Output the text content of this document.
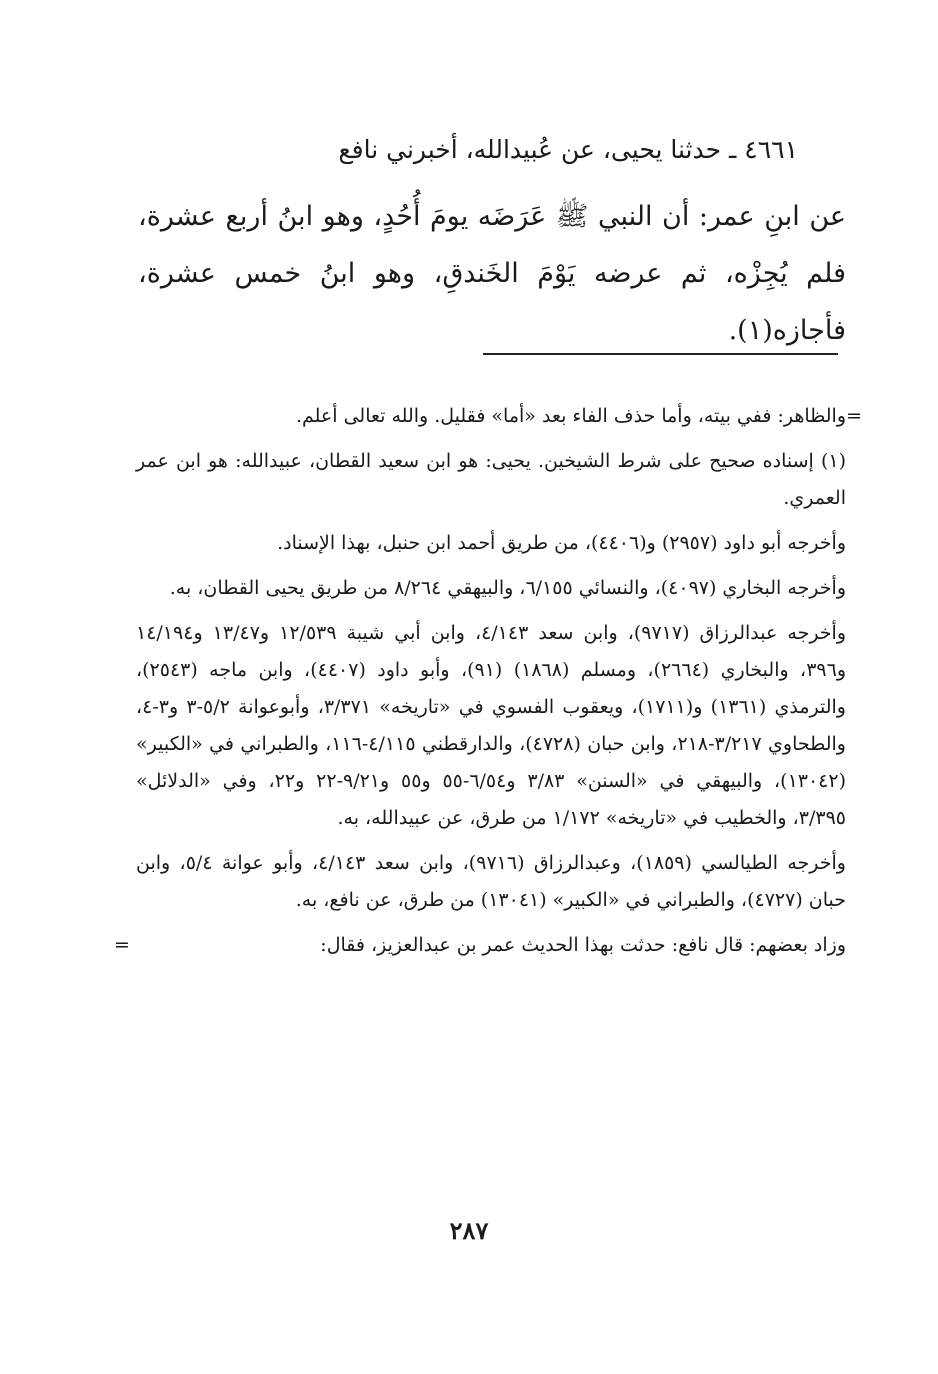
٤٦٦١ ـ حدثنا يحيى، عن عُبيدالله، أخبرني نافع
عن ابنِ عمر: أن النبي ﷺ عَرَضَه يومَ أُحُدٍ، وهو ابنُ أربع عشرة، فلم يُجِزْه، ثم عرضه يَوْمَ الخَندقِ، وهو ابنُ خمس عشرة، فأجازه(١).

=
والظاهر: ففي بيته، وأما حذف الفاء بعد «أما» فقليل. والله تعالى أعلم.

(١) إسناده صحيح على شرط الشيخين. يحيى: هو ابن سعيد القطان، عبيدالله: هو ابن عمر العمري.

وأخرجه أبو داود (٢٩٥٧) و(٤٤٠٦)، من طريق أحمد ابن حنبل، بهذا الإسناد.

وأخرجه البخاري (٤٠٩٧)، والنسائي ٦/١٥٥، والبيهقي ٨/٢٦٤ من طريق يحيى القطان، به.

وأخرجه عبدالرزاق (٩٧١٧)، وابن سعد ٤/١٤٣، وابن أبي شيبة ١٢/٥٣٩ و١٣/٤٧ و١٤/١٩٤ و٣٩٦، والبخاري (٢٦٦٤)، ومسلم (١٨٦٨) (٩١)، وأبو داود (٤٤٠٧)، وابن ماجه (٢٥٤٣)، والترمذي (١٣٦١) و(١٧١١)، ويعقوب الفسوي في «تاريخه» ٣/٣٧١، وأبوعوانة ٥/٢-٣ و٣-٤، والطحاوي ٣/٢١٧-٢١٨، وابن حبان (٤٧٢٨)، والدارقطني ٤/١١٥-١١٦، والطبراني في «الكبير» (١٣٠٤٢)، والبيهقي في «السنن» ٣/٨٣ و٦/٥٤-٥٥ و٥٥ و٩/٢١-٢٢ و٢٢، وفي «الدلائل» ٣/٣٩٥، والخطيب في «تاريخه» ١/١٧٢ من طرق، عن عبيدالله، به.

وأخرجه الطيالسي (١٨٥٩)، وعبدالرزاق (٩٧١٦)، وابن سعد ٤/١٤٣، وأبو عوانة ٥/٤، وابن حبان (٤٧٢٧)، والطبراني في «الكبير» (١٣٠٤١) من طرق، عن نافع، به.

وزاد بعضهم: قال نافع: حدثت بهذا الحديث عمر بن عبدالعزيز، فقال:
=

٢٨٧
